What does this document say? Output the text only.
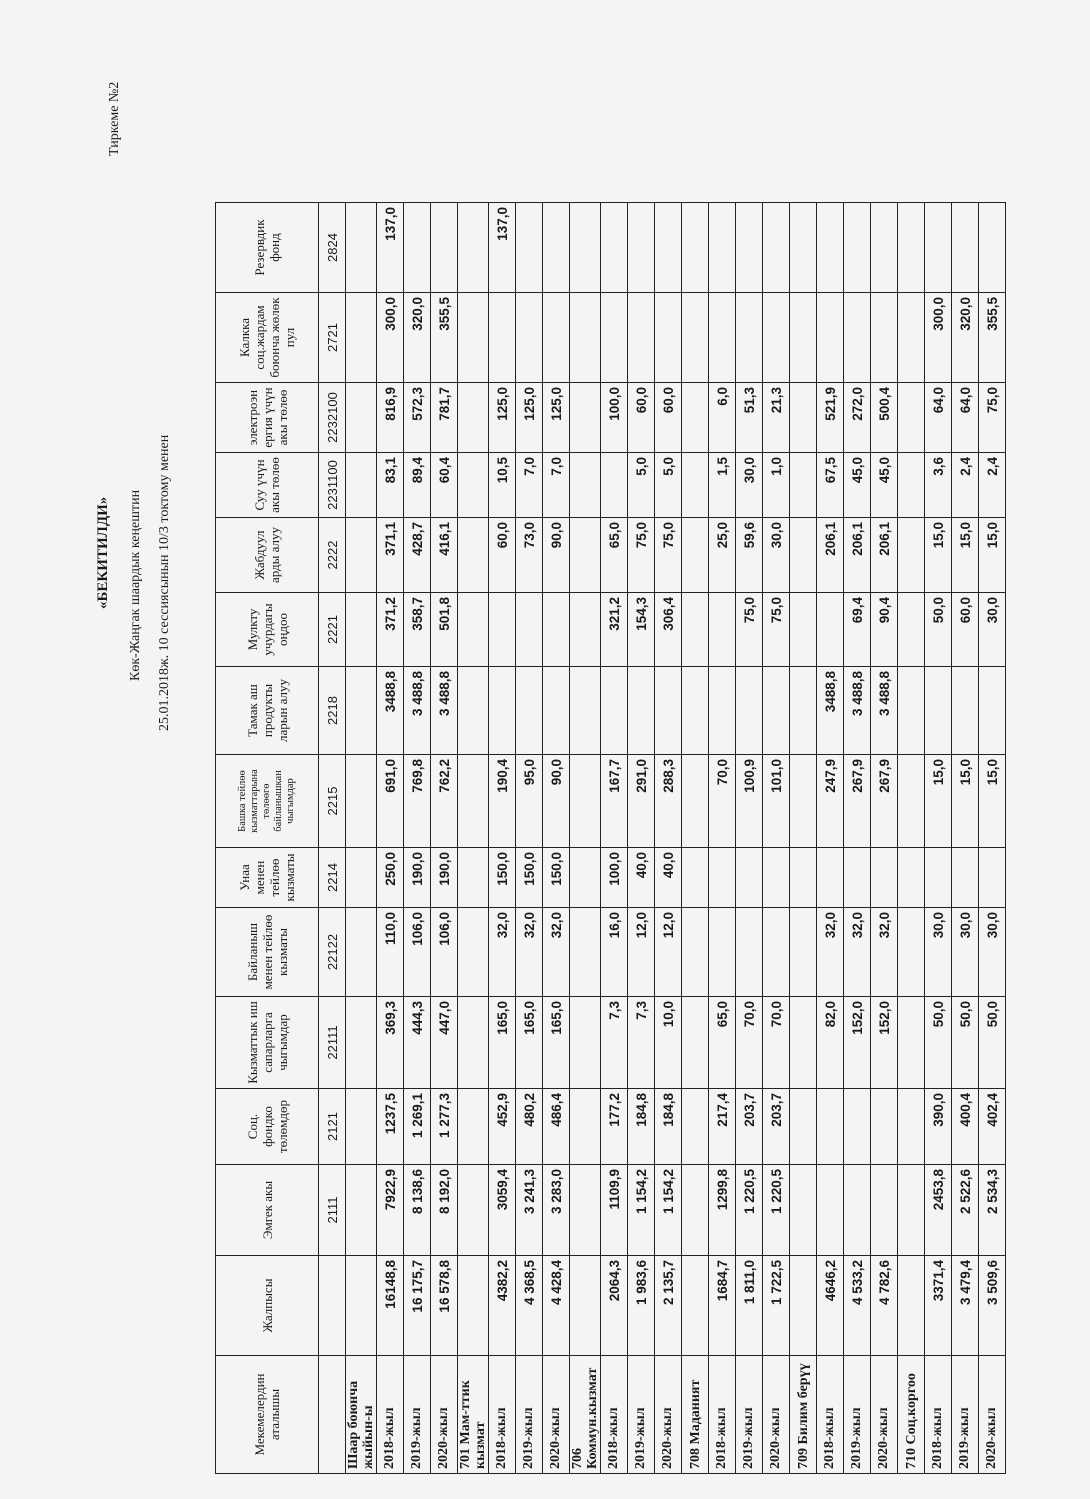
«БЕКИТИЛДИ» Көк-Жаңгак шаардык кеңештин 25.01.2018ж. 10 сессиясынын 10/3 токтому менен
Тиркеме №2
Мекемелердин аталышы	Жалпысы	Эмгек акы	Соц. фондко төлөмдөр	Кызматтык иш сапарларга чыгымдар	Байланыш менен тейлөө кызматы	Унаа менен тейлөө кызматы	Башка тейлөө кызматтарына төлөөгө байланышкан чыгымдар	Тамак аш продукты ларын алуу	Мулкту учурдагы оңдоо	Жабдуул арды алуу	Суу үчүн акы төлөө	электроэн ергия үчүн акы төлөө	Калкка соц.жардам боюнча жөлөк пул	Резервдик фонд
		2111	2121	22111	22122	2214	2215	2218	2221	2222	2231100	2232100	2721	2824
Шаар боюнча жыйын-ы														
2018-жыл	16148,8	7922,9	1237,5	369,3	110,0	250,0	691,0	3488,8	371,2	371,1	83,1	816,9	300,0	137,0
2019-жыл	16 175,7	8 138,6	1 269,1	444,3	106,0	190,0	769,8	3 488,8	358,7	428,7	89,4	572,3	320,0	
2020-жыл	16 578,8	8 192,0	1 277,3	447,0	106,0	190,0	762,2	3 488,8	501,8	416,1	60,4	781,7	355,5	
701 Мам-ттик кызмат														
2018-жыл	4382,2	3059,4	452,9	165,0	32,0	150,0	190,4			60,0	10,5	125,0		137,0
2019-жыл	4 368,5	3 241,3	480,2	165,0	32,0	150,0	95,0			73,0	7,0	125,0		
2020-жыл	4 428,4	3 283,0	486,4	165,0	32,0	150,0	90,0			90,0	7,0	125,0		
706 Коммун.кызмат														
2018-жыл	2064,3	1109,9	177,2	7,3	16,0	100,0	167,7		321,2	65,0		100,0		
2019-жыл	1 983,6	1 154,2	184,8	7,3	12,0	40,0	291,0		154,3	75,0	5,0	60,0		
2020-жыл	2 135,7	1 154,2	184,8	10,0	12,0	40,0	288,3		306,4	75,0	5,0	60,0		
708 Маданият														
2018-жыл	1684,7	1299,8	217,4	65,0			70,0			25,0	1,5	6,0		
2019-жыл	1 811,0	1 220,5	203,7	70,0			100,9		75,0	59,6	30,0	51,3		
2020-жыл	1 722,5	1 220,5	203,7	70,0			101,0		75,0	30,0	1,0	21,3		
709 Билим берүү														
2018-жыл	4646,2			82,0	32,0		247,9	3488,8		206,1	67,5	521,9		
2019-жыл	4 533,2			152,0	32,0		267,9	3 488,8	69,4	206,1	45,0	272,0		
2020-жыл	4 782,6			152,0	32,0		267,9	3 488,8	90,4	206,1	45,0	500,4		
710 Соц.коргоо														
2018-жыл	3371,4	2453,8	390,0	50,0	30,0		15,0		50,0	15,0	3,6	64,0	300,0	
2019-жыл	3 479,4	2 522,6	400,4	50,0	30,0		15,0		60,0	15,0	2,4	64,0	320,0	
2020-жыл	3 509,6	2 534,3	402,4	50,0	30,0		15,0		30,0	15,0	2,4	75,0	355,5	
